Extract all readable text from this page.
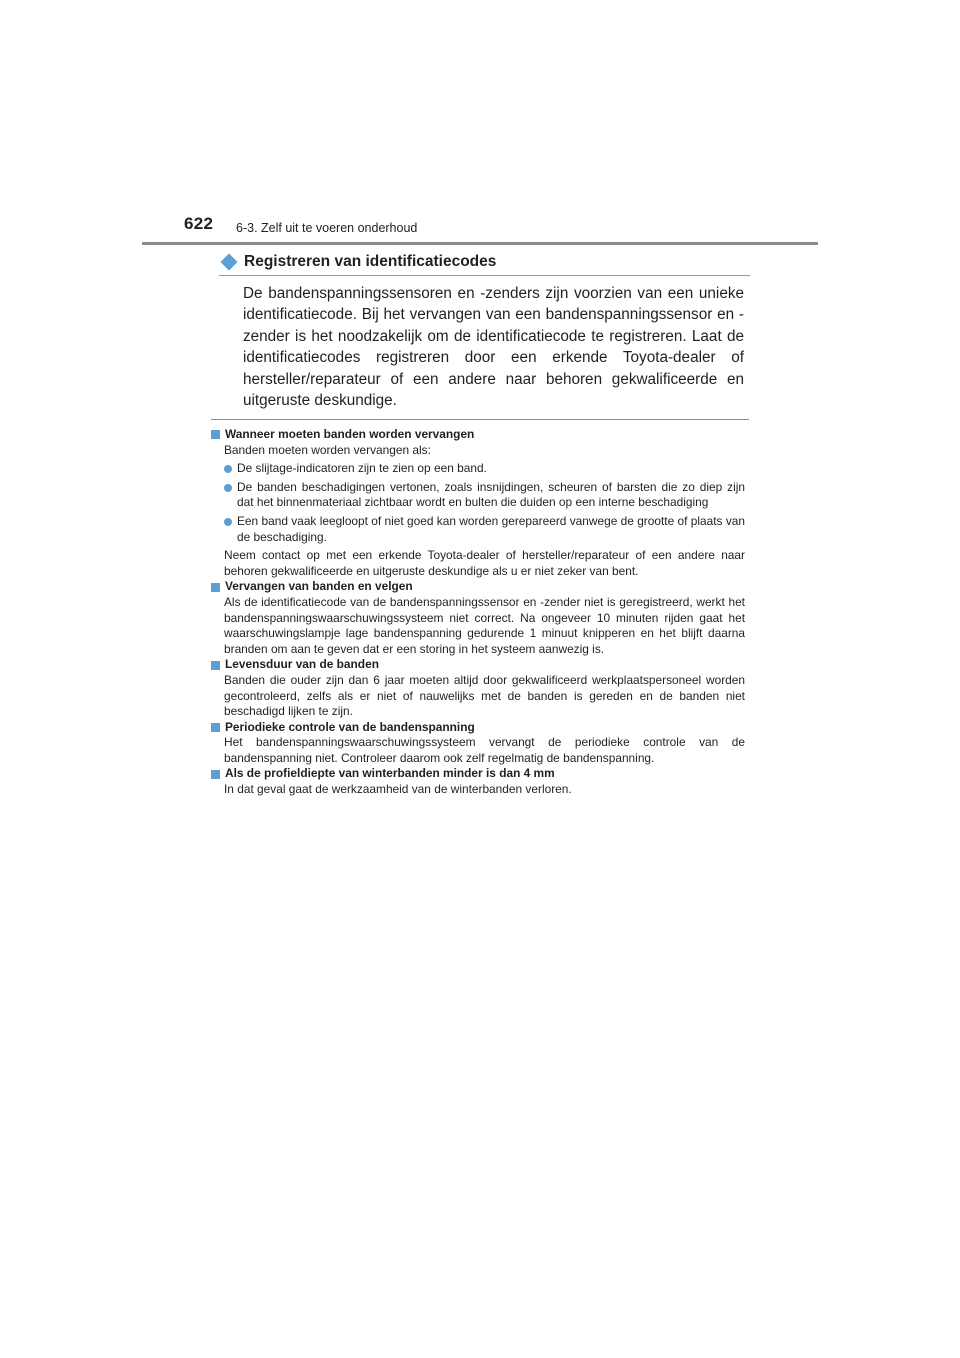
622 6-3. Zelf uit te voeren onderhoud
Registreren van identificatiecodes

De bandenspanningssensoren en -zenders zijn voorzien van een unieke identificatiecode. Bij het vervangen van een bandenspanningssensor en -zender is het noodzakelijk om de identificatiecode te registreren. Laat de identificatiecodes registreren door een erkende Toyota-dealer of hersteller/​reparateur of een andere naar behoren gekwalificeerde en uitgeruste deskundige.

Wanneer moeten banden worden vervangen

Banden moeten worden vervangen als:

De slijtage-indicatoren zijn te zien op een band.
De banden beschadigingen vertonen, zoals insnijdingen, scheuren of barsten die zo diep zijn dat het binnenmateriaal zichtbaar wordt en bulten die duiden op een interne beschadiging
Een band vaak leegloopt of niet goed kan worden gerepareerd vanwege de grootte of plaats van de beschadiging.

Neem contact op met een erkende Toyota-dealer of hersteller/reparateur of een andere naar behoren gekwalificeerde en uitgeruste deskundige als u er niet zeker van bent.

Vervangen van banden en velgen

Als de identificatiecode van de bandenspanningssensor en -zender niet is geregistreerd, werkt het bandenspanningswaarschuwingssysteem niet correct. Na ongeveer 10 minuten rijden gaat het waarschuwingslampje lage bandenspanning gedurende 1 minuut knipperen en het blijft daarna branden om aan te geven dat er een storing in het systeem aanwezig is.

Levensduur van de banden

Banden die ouder zijn dan 6 jaar moeten altijd door gekwalificeerd werkplaatspersoneel worden gecontroleerd, zelfs als er niet of nauwelijks met de banden is gereden en de banden niet beschadigd lijken te zijn.

Periodieke controle van de bandenspanning

Het bandenspanningswaarschuwingssysteem vervangt de periodieke controle van de bandenspanning niet. Controleer daarom ook zelf regelmatig de bandenspanning.

Als de profieldiepte van winterbanden minder is dan 4 mm

In dat geval gaat de werkzaamheid van de winterbanden verloren.
